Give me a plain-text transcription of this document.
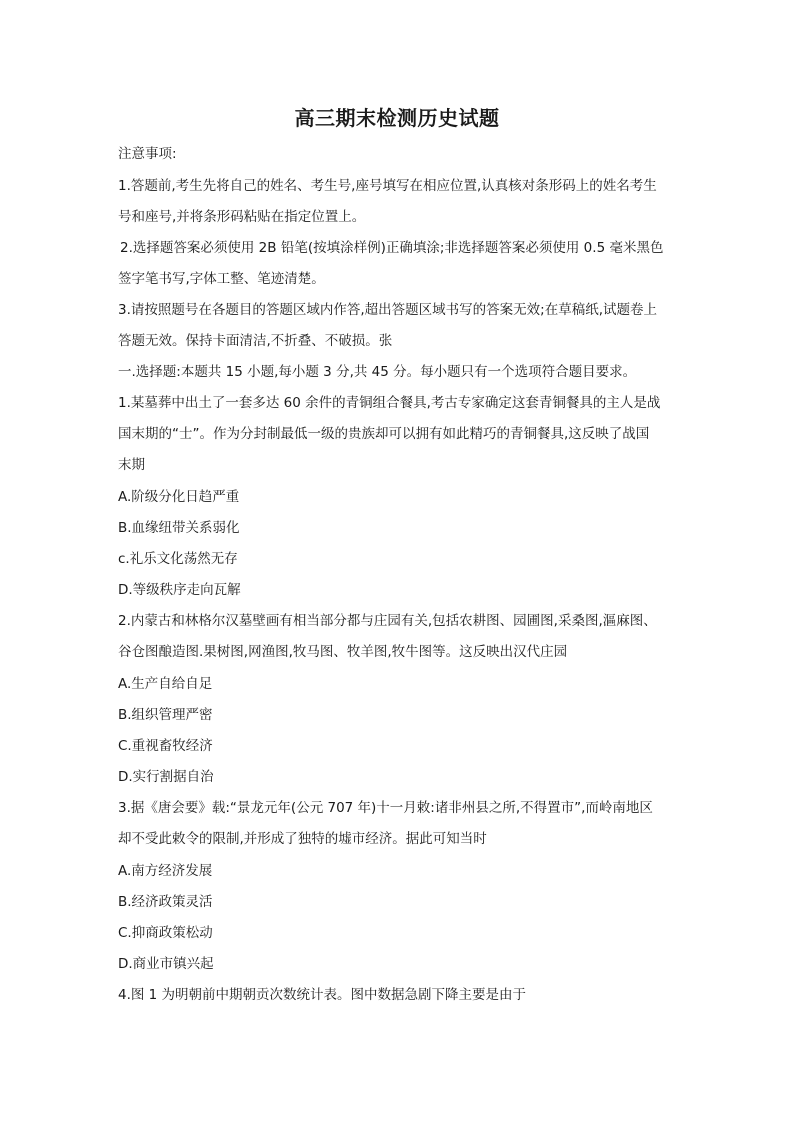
高三期末检测历史试题
注意事项:
1.答题前,考生先将自己的姓名、考生号,座号填写在相应位置,认真核对条形码上的姓名考生
号和座号,并将条形码粘贴在指定位置上。
2.选择题答案必须使用 2B 铅笔(按填涂样例)正确填涂;非选择题答案必须使用 0.5 毫米黑色
签字笔书写,字体工整、笔迹清楚。
3.请按照题号在各题目的答题区域内作答,超出答题区域书写的答案无效;在草稿纸,试题卷上
答题无效。保持卡面清洁,不折叠、不破损。张
一.选择题:本题共 15 小题,每小题 3 分,共 45 分。每小题只有一个选项符合题目要求。
1.某墓葬中出土了一套多达 60 余件的青铜组合餐具,考古专家确定这套青铜餐具的主人是战
国末期的“士”。作为分封制最低一级的贵族却可以拥有如此精巧的青铜餐具,这反映了战国
末期
A.阶级分化日趋严重
B.血缘纽带关系弱化
c.礼乐文化荡然无存
D.等级秩序走向瓦解
2.内蒙古和林格尔汉墓壁画有相当部分都与庄园有关,包括农耕图、园圃图,采桑图,漚麻图、
谷仓图酿造图.果树图,网渔图,牧马图、牧羊图,牧牛图等。这反映出汉代庄园
A.生产自给自足
B.组织管理严密
C.重视畜牧经济
D.实行割据自治
3.据《唐会要》载:“景龙元年(公元 707 年)十一月敕:诸非州县之所,不得置市”,而岭南地区
却不受此敕令的限制,并形成了独特的墟市经济。据此可知当时
A.南方经济发展
B.经济政策灵活
C.抑商政策松动
D.商业市镇兴起
4.图 1 为明朝前中期朝贡次数统计表。图中数据急剧下降主要是由于
